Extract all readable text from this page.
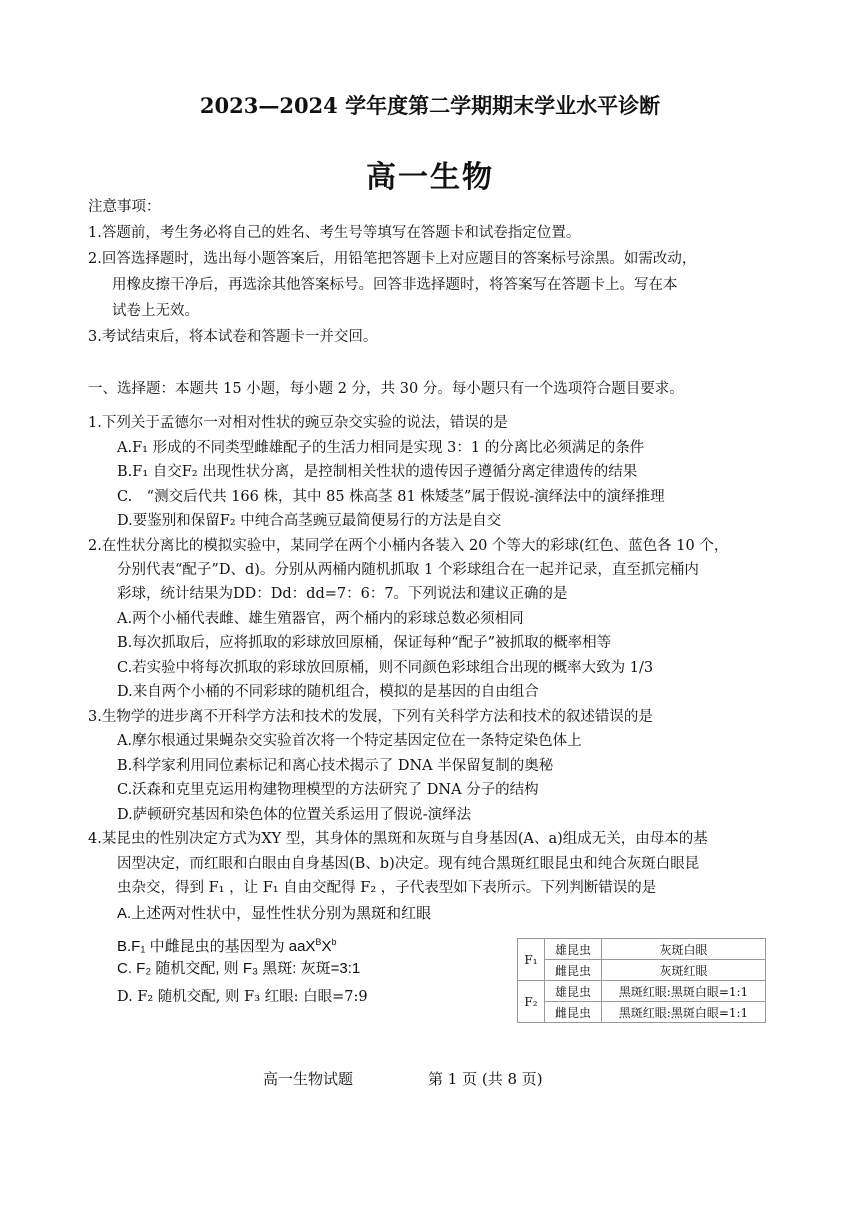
2023—2024 学年度第二学期期末学业水平诊断
高一生物
注意事项：
1.答题前，考生务必将自己的姓名、考生号等填写在答题卡和试卷指定位置。
2.回答选择题时，选出每小题答案后，用铅笔把答题卡上对应题目的答案标号涂黑。如需改动，
用橡皮擦干净后，再选涂其他答案标号。回答非选择题时，将答案写在答题卡上。写在本
试卷上无效。
3.考试结束后，将本试卷和答题卡一并交回。
一、选择题：本题共 15 小题，每小题 2 分，共 30 分。每小题只有一个选项符合题目要求。
1.下列关于孟德尔一对相对性状的豌豆杂交实验的说法，错误的是
A.F₁ 形成的不同类型雌雄配子的生活力相同是实现 3：1 的分离比必须满足的条件
B.F₁ 自交F₂ 出现性状分离，是控制相关性状的遗传因子遵循分离定律遗传的结果
C.　“测交后代共 166 株，其中 85 株高茎 81 株矮茎”属于假说-演绎法中的演绎推理
D.要鉴别和保留F₂ 中纯合高茎豌豆最简便易行的方法是自交
2.在性状分离比的模拟实验中，某同学在两个小桶内各装入 20 个等大的彩球(红色、蓝色各 10 个，
分别代表“配子”D、d)。分别从两桶内随机抓取 1 个彩球组合在一起并记录，直至抓完桶内
彩球，统计结果为DD：Dd：dd=7：6：7。下列说法和建议正确的是
A.两个小桶代表雌、雄生殖器官，两个桶内的彩球总数必须相同
B.每次抓取后，应将抓取的彩球放回原桶，保证每种“配子”被抓取的概率相等
C.若实验中将每次抓取的彩球放回原桶，则不同颜色彩球组合出现的概率大致为 1/3
D.来自两个小桶的不同彩球的随机组合，模拟的是基因的自由组合
3.生物学的进步离不开科学方法和技术的发展，下列有关科学方法和技术的叙述错误的是
A.摩尔根通过果蝇杂交实验首次将一个特定基因定位在一条特定染色体上
B.科学家利用同位素标记和离心技术揭示了 DNA 半保留复制的奥秘
C.沃森和克里克运用构建物理模型的方法研究了 DNA 分子的结构
D.萨顿研究基因和染色体的位置关系运用了假说-演绎法
4.某昆虫的性别决定方式为XY 型，其身体的黑斑和灰斑与自身基因(A、a)组成无关，由母本的基
因型决定，而红眼和白眼由自身基因(B、b)决定。现有纯合黑斑红眼昆虫和纯合灰斑白眼昆
虫杂交，得到 F₁ ，让 F₁ 自由交配得 F₂ ，子代表型如下表所示。下列判断错误的是
A.上述两对性状中，显性性状分别为黑斑和红眼
B.F₁ 中雌昆虫的基因型为 $aaX^BX^b$
C. F₂ 随机交配, 则 F₃ 黑斑: 灰斑=3:1
D. F₂ 随机交配, 则 F₃ 红眼: 白眼=7:9
F₁	雄昆虫	灰斑白眼
	雌昆虫	灰斑红眼
F₂	雄昆虫	黑斑红眼:黑斑白眼=1:1
	雌昆虫	黑斑红眼:黑斑白眼=1:1
高一生物试题	第 1 页 (共 8 页)
